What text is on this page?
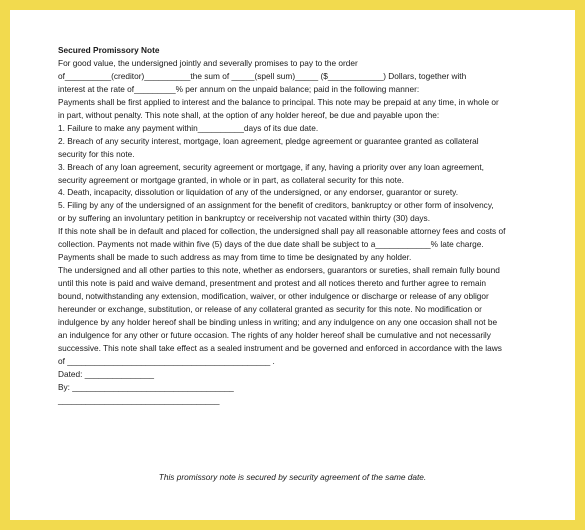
Secured Promissory Note
For good value, the undersigned jointly and severally promises to pay to the order
of__________(creditor)__________the sum of _____(spell sum)_____ ($____________) Dollars, together with
interest at the rate of_________% per annum on the unpaid balance; paid in the following manner:
Payments shall be first applied to interest and the balance to principal. This note may be prepaid at any time, in whole or
in part, without penalty. This note shall, at the option of any holder hereof, be due and payable upon the:
1. Failure to make any payment within__________days of its due date.
2. Breach of any security interest, mortgage, loan agreement, pledge agreement or guarantee granted as collateral
security for this note.
3. Breach of any loan agreement, security agreement or mortgage, if any, having a priority over any loan agreement,
security agreement or mortgage granted, in whole or in part, as collateral security for this note.
4. Death, incapacity, dissolution or liquidation of any of the undersigned, or any endorser, guarantor or surety.
5. Filing by any of the undersigned of an assignment for the benefit of creditors, bankruptcy or other form of insolvency,
or by suffering an involuntary petition in bankruptcy or receivership not vacated within thirty (30) days.
If this note shall be in default and placed for collection, the undersigned shall pay all reasonable attorney fees and costs of
collection. Payments not made within five (5) days of the due date shall be subject to a____________% late charge.
Payments shall be made to such address as may from time to time be designated by any holder.
The undersigned and all other parties to this note, whether as endorsers, guarantors or sureties, shall remain fully bound
until this note is paid and waive demand, presentment and protest and all notices thereto and further agree to remain
bound, notwithstanding any extension, modification, waiver, or other indulgence or discharge or release of any obligor
hereunder or exchange, substitution, or release of any collateral granted as security for this note. No modification or
indulgence by any holder hereof shall be binding unless in writing; and any indulgence on any one occasion shall not be
an indulgence for any other or future occasion. The rights of any holder hereof shall be cumulative and not necessarily
successive. This note shall take effect as a sealed instrument and be governed and enforced in accordance with the laws
of ____________________________________________ .
Dated: _______________
By: ___________________________________
___________________________________
This promissory note is secured by security agreement of the same date.
